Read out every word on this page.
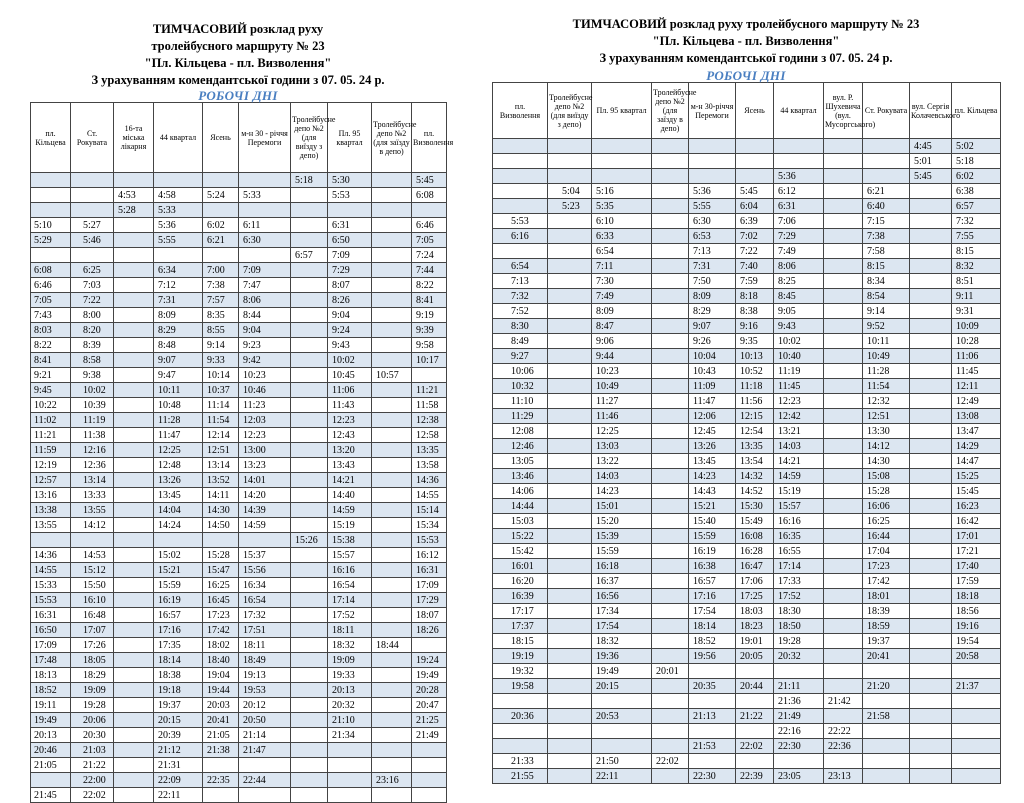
ТИМЧАСОВИЙ розклад руху
тролейбусного маршруту № 23
"Пл. Кільцева - пл. Визволення"
З урахуванням комендантської години з 07. 05. 24 р.
РОБОЧІ ДНІ
пл. Кільцева	Ст. Рокувата	16-та міська лікарня	44 квартал	Ясень	м-н 30 - річчя Перемоги	Тролейбусне депо №2 (для виїзду з депо)	Пл. 95 квартал	Тролейбусне депо №2 (для заїзду в депо)	пл. Визволення
						5:18	5:30		5:45
		4:53	4:58	5:24	5:33		5:53		6:08
		5:28	5:33						
5:10	5:27		5:36	6:02	6:11		6:31		6:46
5:29	5:46		5:55	6:21	6:30		6:50		7:05
						6:57	7:09		7:24
6:08	6:25		6:34	7:00	7:09		7:29		7:44
6:46	7:03		7:12	7:38	7:47		8:07		8:22
7:05	7:22		7:31	7:57	8:06		8:26		8:41
7:43	8:00		8:09	8:35	8:44		9:04		9:19
8:03	8:20		8:29	8:55	9:04		9:24		9:39
8:22	8:39		8:48	9:14	9:23		9:43		9:58
8:41	8:58		9:07	9:33	9:42		10:02		10:17
9:21	9:38		9:47	10:14	10:23		10:45	10:57	
9:45	10:02		10:11	10:37	10:46		11:06		11:21
10:22	10:39		10:48	11:14	11:23		11:43		11:58
11:02	11:19		11:28	11:54	12:03		12:23		12:38
11:21	11:38		11:47	12:14	12:23		12:43		12:58
11:59	12:16		12:25	12:51	13:00		13:20		13:35
12:19	12:36		12:48	13:14	13:23		13:43		13:58
12:57	13:14		13:26	13:52	14:01		14:21		14:36
13:16	13:33		13:45	14:11	14:20		14:40		14:55
13:38	13:55		14:04	14:30	14:39		14:59		15:14
13:55	14:12		14:24	14:50	14:59		15:19		15:34
						15:26	15:38		15:53
14:36	14:53		15:02	15:28	15:37		15:57		16:12
14:55	15:12		15:21	15:47	15:56		16:16		16:31
15:33	15:50		15:59	16:25	16:34		16:54		17:09
15:53	16:10		16:19	16:45	16:54		17:14		17:29
16:31	16:48		16:57	17:23	17:32		17:52		18:07
16:50	17:07		17:16	17:42	17:51		18:11		18:26
17:09	17:26		17:35	18:02	18:11		18:32	18:44	
17:48	18:05		18:14	18:40	18:49		19:09		19:24
18:13	18:29		18:38	19:04	19:13		19:33		19:49
18:52	19:09		19:18	19:44	19:53		20:13		20:28
19:11	19:28		19:37	20:03	20:12		20:32		20:47
19:49	20:06		20:15	20:41	20:50		21:10		21:25
20:13	20:30		20:39	21:05	21:14		21:34		21:49
20:46	21:03		21:12	21:38	21:47				
21:05	21:22		21:31						
	22:00		22:09	22:35	22:44			23:16	
21:45	22:02		22:11						
ТИМЧАСОВИЙ розклад руху тролейбусного маршруту № 23
"Пл. Кільцева - пл. Визволення"
З урахуванням комендантської години з 07. 05. 24 р.
РОБОЧІ ДНІ
пл. Визволення	Тролейбусне депо №2 (для виїзду з депо)	Пл. 95 квартал	Тролейбусне депо №2 (для заїзду в депо)	м-н 30-річчя Перемоги	Ясень	44 квартал	вул. Р. Шухевича (вул. Мусоргського)	Ст. Рокувата	вул. Сергія Колачевського	пл. Кільцева
									4:45	5:02
									5:01	5:18
						5:36			5:45	6:02
	5:04	5:16		5:36	5:45	6:12		6:21		6:38
	5:23	5:35		5:55	6:04	6:31		6:40		6:57
5:53		6:10		6:30	6:39	7:06		7:15		7:32
6:16		6:33		6:53	7:02	7:29		7:38		7:55
		6:54		7:13	7:22	7:49		7:58		8:15
6:54		7:11		7:31	7:40	8:06		8:15		8:32
7:13		7:30		7:50	7:59	8:25		8:34		8:51
7:32		7:49		8:09	8:18	8:45		8:54		9:11
7:52		8:09		8:29	8:38	9:05		9:14		9:31
8:30		8:47		9:07	9:16	9:43		9:52		10:09
8:49		9:06		9:26	9:35	10:02		10:11		10:28
9:27		9:44		10:04	10:13	10:40		10:49		11:06
10:06		10:23		10:43	10:52	11:19		11:28		11:45
10:32		10:49		11:09	11:18	11:45		11:54		12:11
11:10		11:27		11:47	11:56	12:23		12:32		12:49
11:29		11:46		12:06	12:15	12:42		12:51		13:08
12:08		12:25		12:45	12:54	13:21		13:30		13:47
12:46		13:03		13:26	13:35	14:03		14:12		14:29
13:05		13:22		13:45	13:54	14:21		14:30		14:47
13:46		14:03		14:23	14:32	14:59		15:08		15:25
14:06		14:23		14:43	14:52	15:19		15:28		15:45
14:44		15:01		15:21	15:30	15:57		16:06		16:23
15:03		15:20		15:40	15:49	16:16		16:25		16:42
15:22		15:39		15:59	16:08	16:35		16:44		17:01
15:42		15:59		16:19	16:28	16:55		17:04		17:21
16:01		16:18		16:38	16:47	17:14		17:23		17:40
16:20		16:37		16:57	17:06	17:33		17:42		17:59
16:39		16:56		17:16	17:25	17:52		18:01		18:18
17:17		17:34		17:54	18:03	18:30		18:39		18:56
17:37		17:54		18:14	18:23	18:50		18:59		19:16
18:15		18:32		18:52	19:01	19:28		19:37		19:54
19:19		19:36		19:56	20:05	20:32		20:41		20:58
19:32		19:49	20:01							
19:58		20:15		20:35	20:44	21:11		21:20		21:37
						21:36	21:42			
20:36		20:53		21:13	21:22	21:49		21:58		
						22:16	22:22			
				21:53	22:02	22:30	22:36			
21:33		21:50	22:02							
21:55		22:11		22:30	22:39	23:05	23:13			
